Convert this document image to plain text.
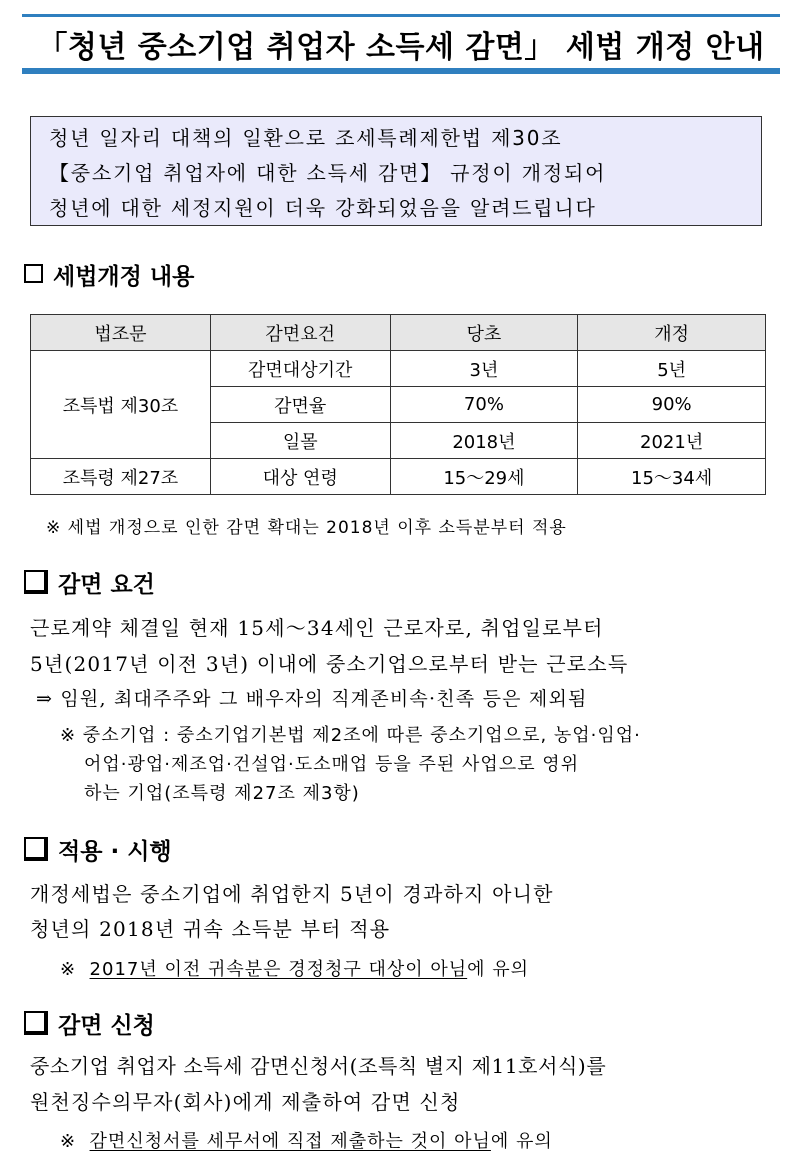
「청년 중소기업 취업자 소득세 감면」 세법 개정 안내
청년 일자리 대책의 일환으로 조세특례제한법 제30조
【중소기업 취업자에 대한 소득세 감면】 규정이 개정되어
청년에 대한 세정지원이 더욱 강화되었음을 알려드립니다
세법개정 내용
법조문	감면요건	당초	개정
조특법 제30조	감면대상기간	3년	5년
	감면율	70%	90%
	일몰	2018년	2021년
조특령 제27조	대상 연령	15～29세	15～34세
※ 세법 개정으로 인한 감면 확대는 2018년 이후 소득분부터 적용
감면 요건
근로계약 체결일 현재 15세～34세인 근로자로, 취업일로부터
5년(2017년 이전 3년) 이내에 중소기업으로부터 받는 근로소득
⇒ 임원, 최대주주와 그 배우자의 직계존비속·친족 등은 제외됨
※ 중소기업 : 중소기업기본법 제2조에 따른 중소기업으로, 농업·임업·
어업·광업·제조업·건설업·도소매업 등을 주된 사업으로 영위
하는 기업(조특령 제27조 제3항)
적용 · 시행
개정세법은 중소기업에 취업한지 5년이 경과하지 아니한
청년의 2018년 귀속 소득분 부터 적용
※ 2017년 이전 귀속분은 경정청구 대상이 아님에 유의
감면 신청
중소기업 취업자 소득세 감면신청서(조특칙 별지 제11호서식)를
원천징수의무자(회사)에게 제출하여 감면 신청
※ 감면신청서를 세무서에 직접 제출하는 것이 아님에 유의
